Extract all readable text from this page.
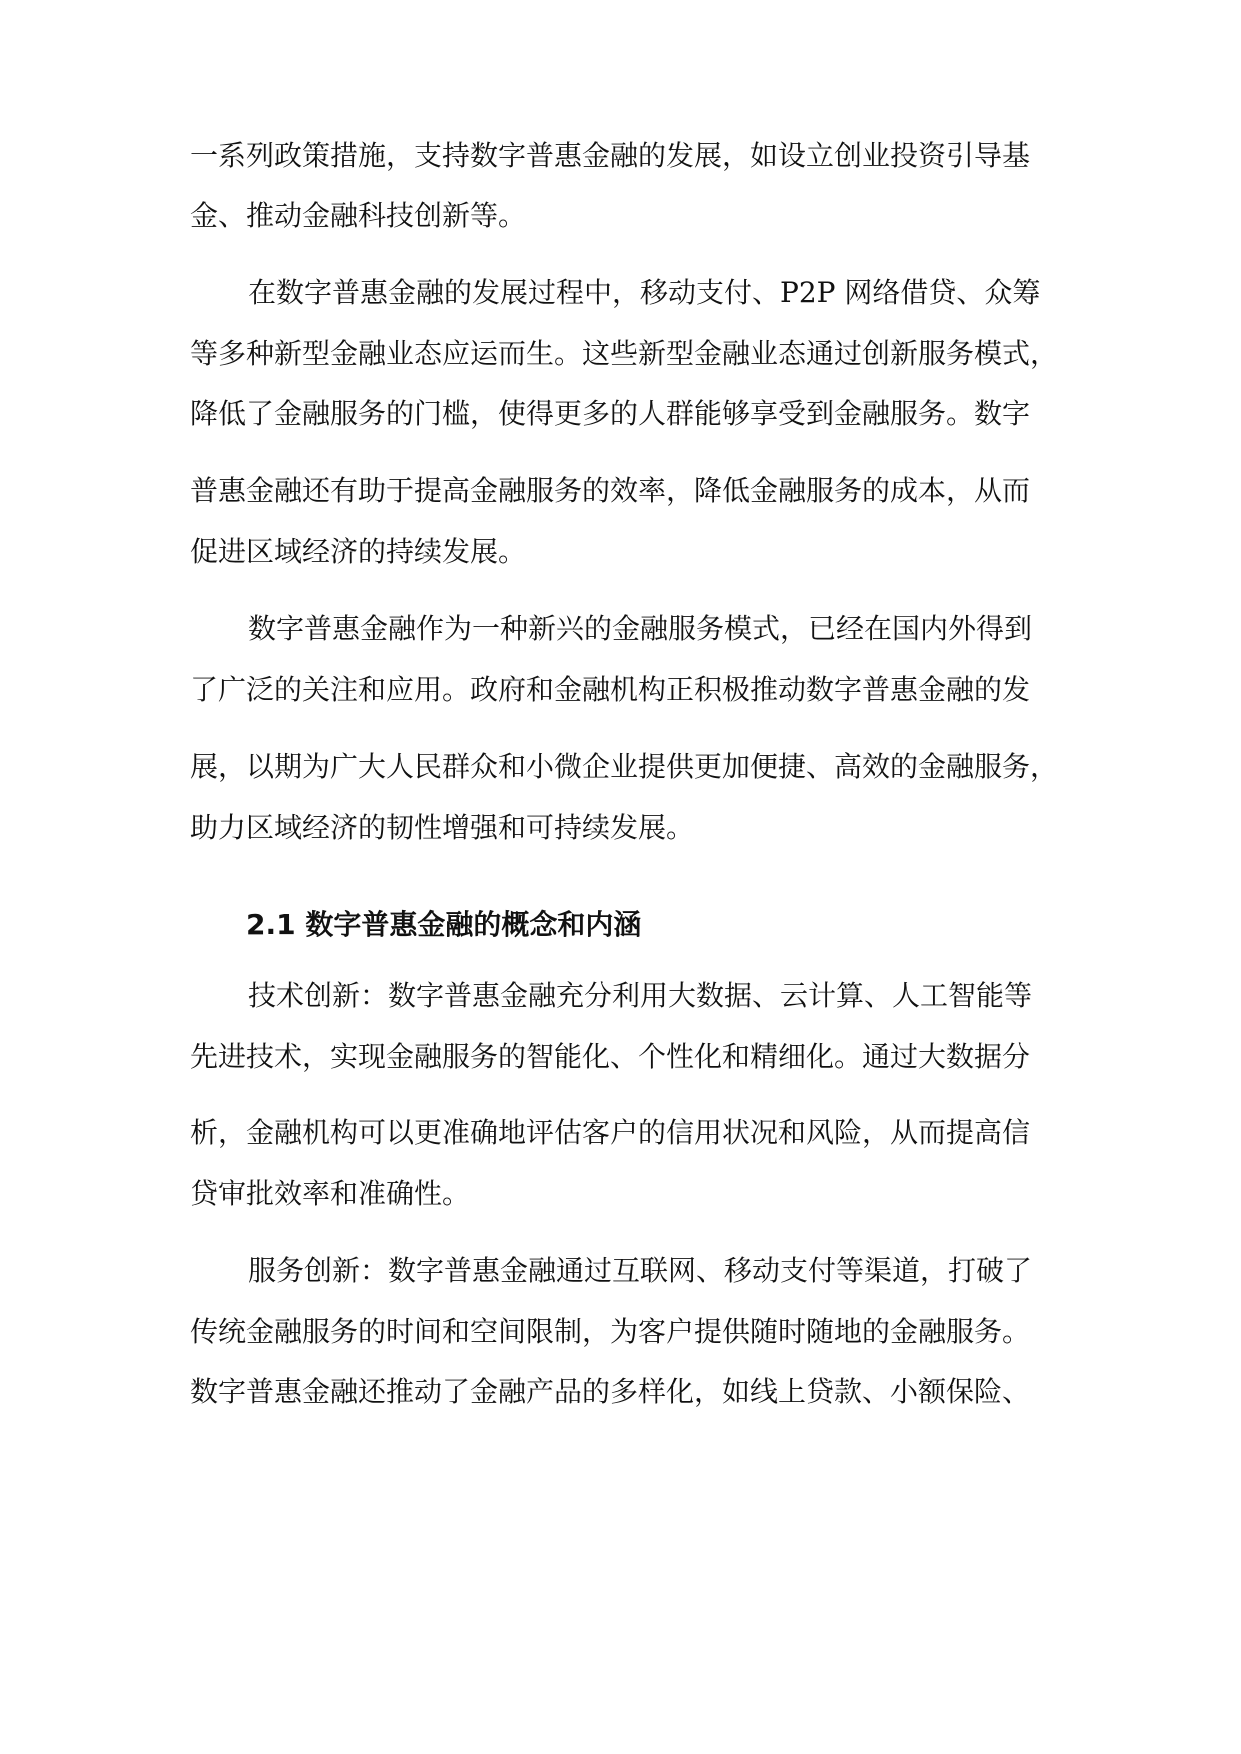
一系列政策措施，支持数字普惠金融的发展，如设立创业投资引导基
金、推动金融科技创新等。
在数字普惠金融的发展过程中，移动支付、P2P 网络借贷、众筹
等多种新型金融业态应运而生。这些新型金融业态通过创新服务模式，
降低了金融服务的门槛，使得更多的人群能够享受到金融服务。数字
普惠金融还有助于提高金融服务的效率，降低金融服务的成本，从而
促进区域经济的持续发展。
数字普惠金融作为一种新兴的金融服务模式，已经在国内外得到
了广泛的关注和应用。政府和金融机构正积极推动数字普惠金融的发
展，以期为广大人民群众和小微企业提供更加便捷、高效的金融服务，
助力区域经济的韧性增强和可持续发展。
2.1 数字普惠金融的概念和内涵
技术创新：数字普惠金融充分利用大数据、云计算、人工智能等
先进技术，实现金融服务的智能化、个性化和精细化。通过大数据分
析，金融机构可以更准确地评估客户的信用状况和风险，从而提高信
贷审批效率和准确性。
服务创新：数字普惠金融通过互联网、移动支付等渠道，打破了
传统金融服务的时间和空间限制，为客户提供随时随地的金融服务。
数字普惠金融还推动了金融产品的多样化，如线上贷款、小额保险、
